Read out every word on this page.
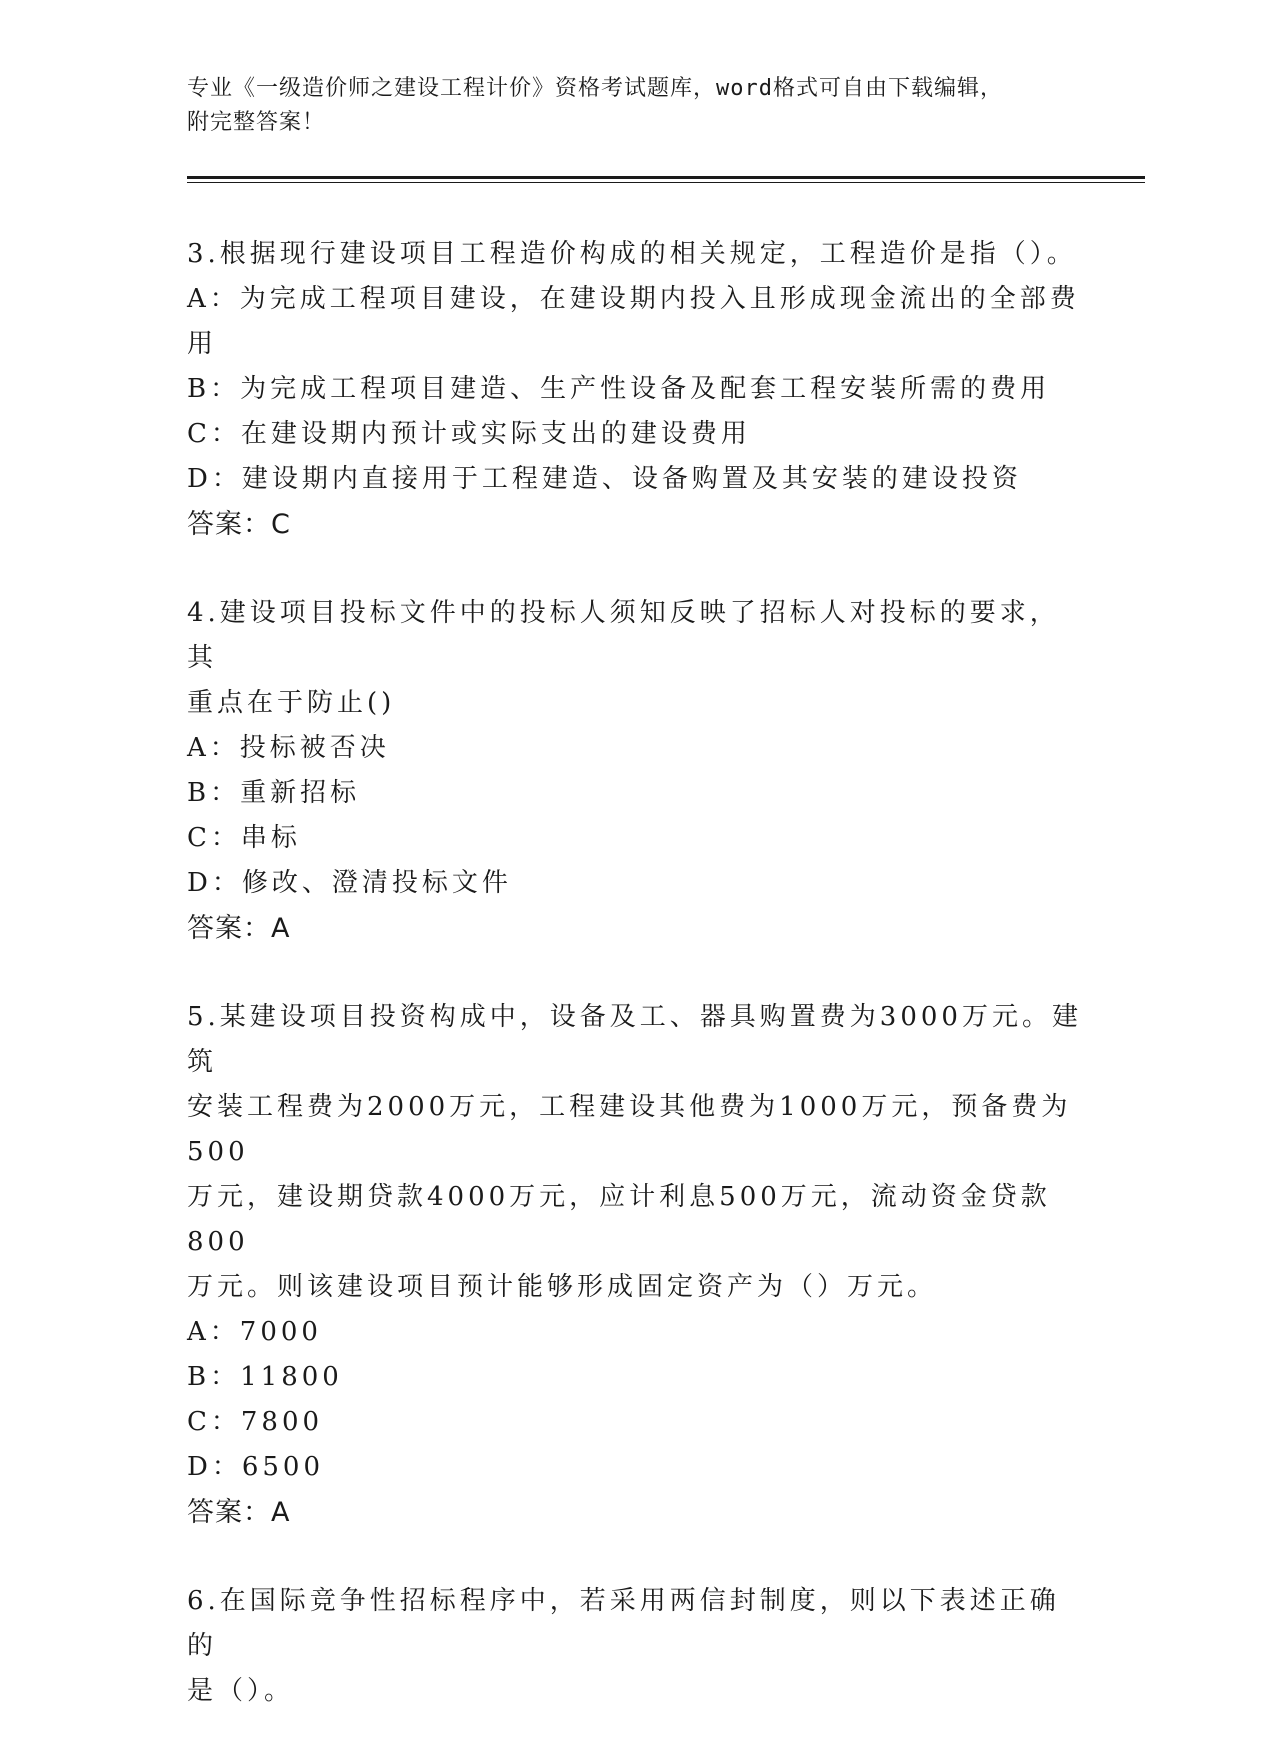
专业《一级造价师之建设工程计价》资格考试题库，word格式可自由下载编辑，
附完整答案！

3.根据现行建设项目工程造价构成的相关规定，工程造价是指（）。

A：为完成工程项目建设，在建设期内投入且形成现金流出的全部费用

B：为完成工程项目建造、生产性设备及配套工程安装所需的费用

C：在建设期内预计或实际支出的建设费用

D：建设期内直接用于工程建造、设备购置及其安装的建设投资

答案：C

4.建设项目投标文件中的投标人须知反映了招标人对投标的要求，其

重点在于防止()

A：投标被否决

B：重新招标

C：串标

D：修改、澄清投标文件

答案：A

5.某建设项目投资构成中，设备及工、器具购置费为3000万元。建筑

安装工程费为2000万元，工程建设其他费为1000万元，预备费为500

万元，建设期贷款4000万元，应计利息500万元，流动资金贷款800

万元。则该建设项目预计能够形成固定资产为（）万元。

A：7000

B：11800

C：7800

D：6500

答案：A

6.在国际竞争性招标程序中，若采用两信封制度，则以下表述正确的

是（）。
